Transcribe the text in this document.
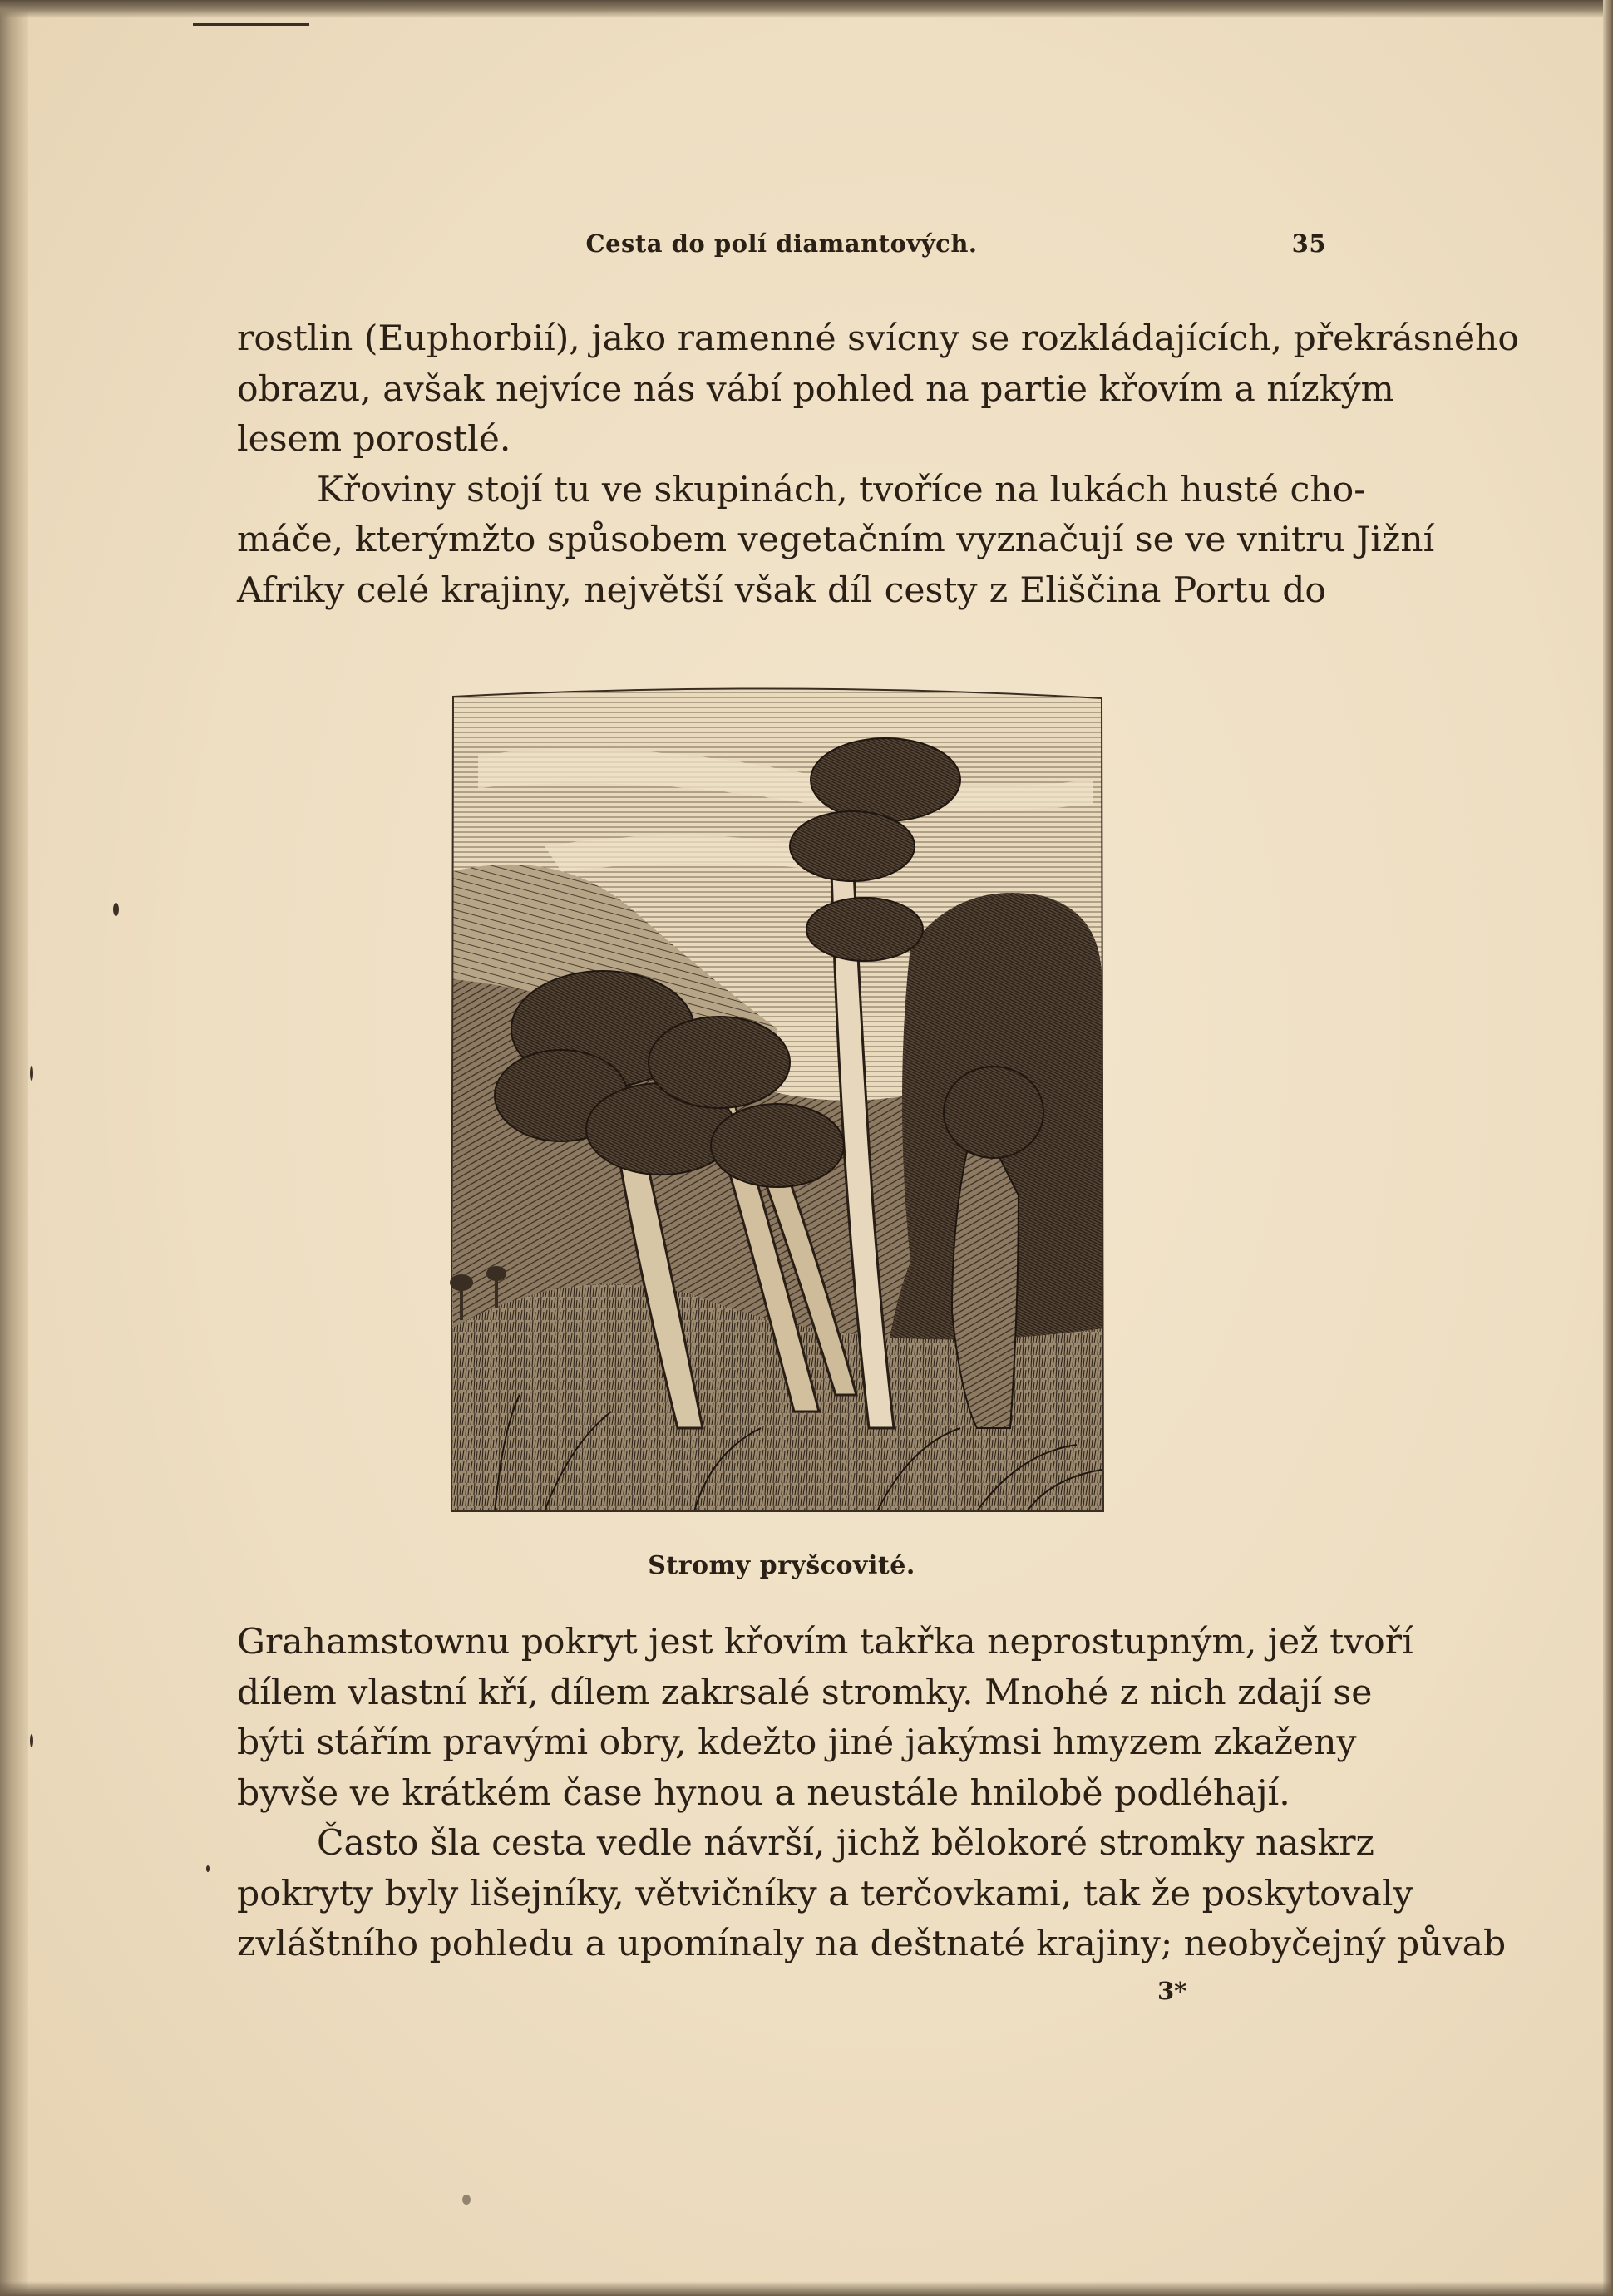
Cesta do polí diamantových.	35
rostlin (Euphorbií), jako ramenné svícny se rozkládajících, překrásného
obrazu, avšak nejvíce nás vábí pohled na partie křovím a nízkým
lesem porostlé.
Křoviny stojí tu ve skupinách, tvoříce na lukách husté cho-
máče, kterýmžto spůsobem vegetačním vyznačují se ve vnitru Jižní
Afriky celé krajiny, největší však díl cesty z Eliščina Portu do
Stromy pryšcovité.
Grahamstownu pokryt jest křovím takřka neprostupným, jež tvoří
dílem vlastní kří, dílem zakrsalé stromky. Mnohé z nich zdají se
býti stářím pravými obry, kdežto jiné jakýmsi hmyzem zkaženy
byvše ve krátkém čase hynou a neustále hnilobě podléhají.
Často šla cesta vedle návrší, jichž bělokoré stromky naskrz
pokryty byly lišejníky, větvičníky a terčovkami, tak že poskytovaly
zvláštního pohledu a upomínaly na deštnaté krajiny; neobyčejný půvab
3*
